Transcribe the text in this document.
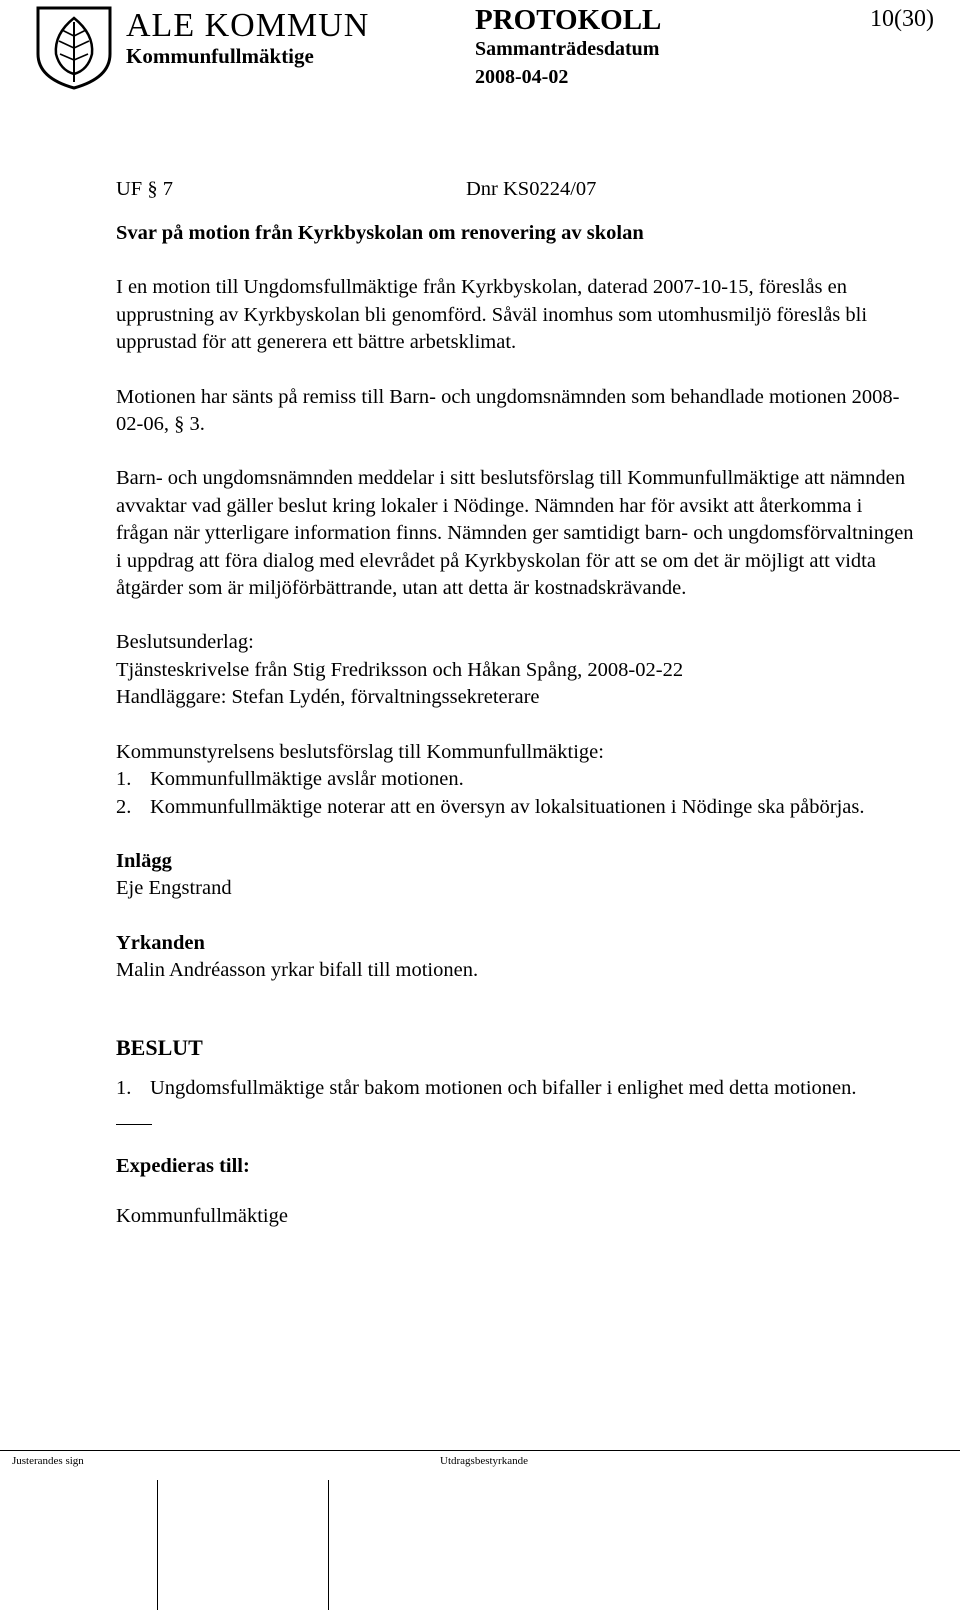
ALE KOMMUN
Kommunfullmäktige
PROTOKOLL
Sammanträdesdatum
2008-04-02
10(30)
UF § 7	Dnr KS0224/07

Svar på motion från Kyrkbyskolan om renovering av skolan

I en motion till Ungdomsfullmäktige från Kyrkbyskolan, daterad 2007-10-15, föreslås en upprustning av Kyrkbyskolan bli genomförd. Såväl inomhus som utomhusmiljö föreslås bli upprustad för att generera ett bättre arbetsklimat.

Motionen har sänts på remiss till Barn- och ungdomsnämnden som behandlade motionen 2008-02-06, § 3.

Barn- och ungdomsnämnden meddelar i sitt beslutsförslag till Kommunfullmäktige att nämnden avvaktar vad gäller beslut kring lokaler i Nödinge. Nämnden har för avsikt att återkomma i frågan när ytterligare information finns. Nämnden ger samtidigt barn- och ungdomsförvaltningen i uppdrag att föra dialog med elevrådet på Kyrkbyskolan för att se om det är möjligt att vidta åtgärder som är miljöförbättrande, utan att detta är kostnadskrävande.

Beslutsunderlag:

Tjänsteskrivelse från Stig Fredriksson och Håkan Spång, 2008-02-22

Handläggare: Stefan Lydén, förvaltningssekreterare

Kommunstyrelsens beslutsförslag till Kommunfullmäktige:

1. Kommunfullmäktige avslår motionen.
2. Kommunfullmäktige noterar att en översyn av lokalsituationen i Nödinge ska påbörjas.

Inlägg

Eje Engstrand

Yrkanden

Malin Andréasson yrkar bifall till motionen.

BESLUT

1. Ungdomsfullmäktige står bakom motionen och bifaller i enlighet med detta motionen.

Expedieras till:

Kommunfullmäktige

Justerandes sign	Utdragsbestyrkande
